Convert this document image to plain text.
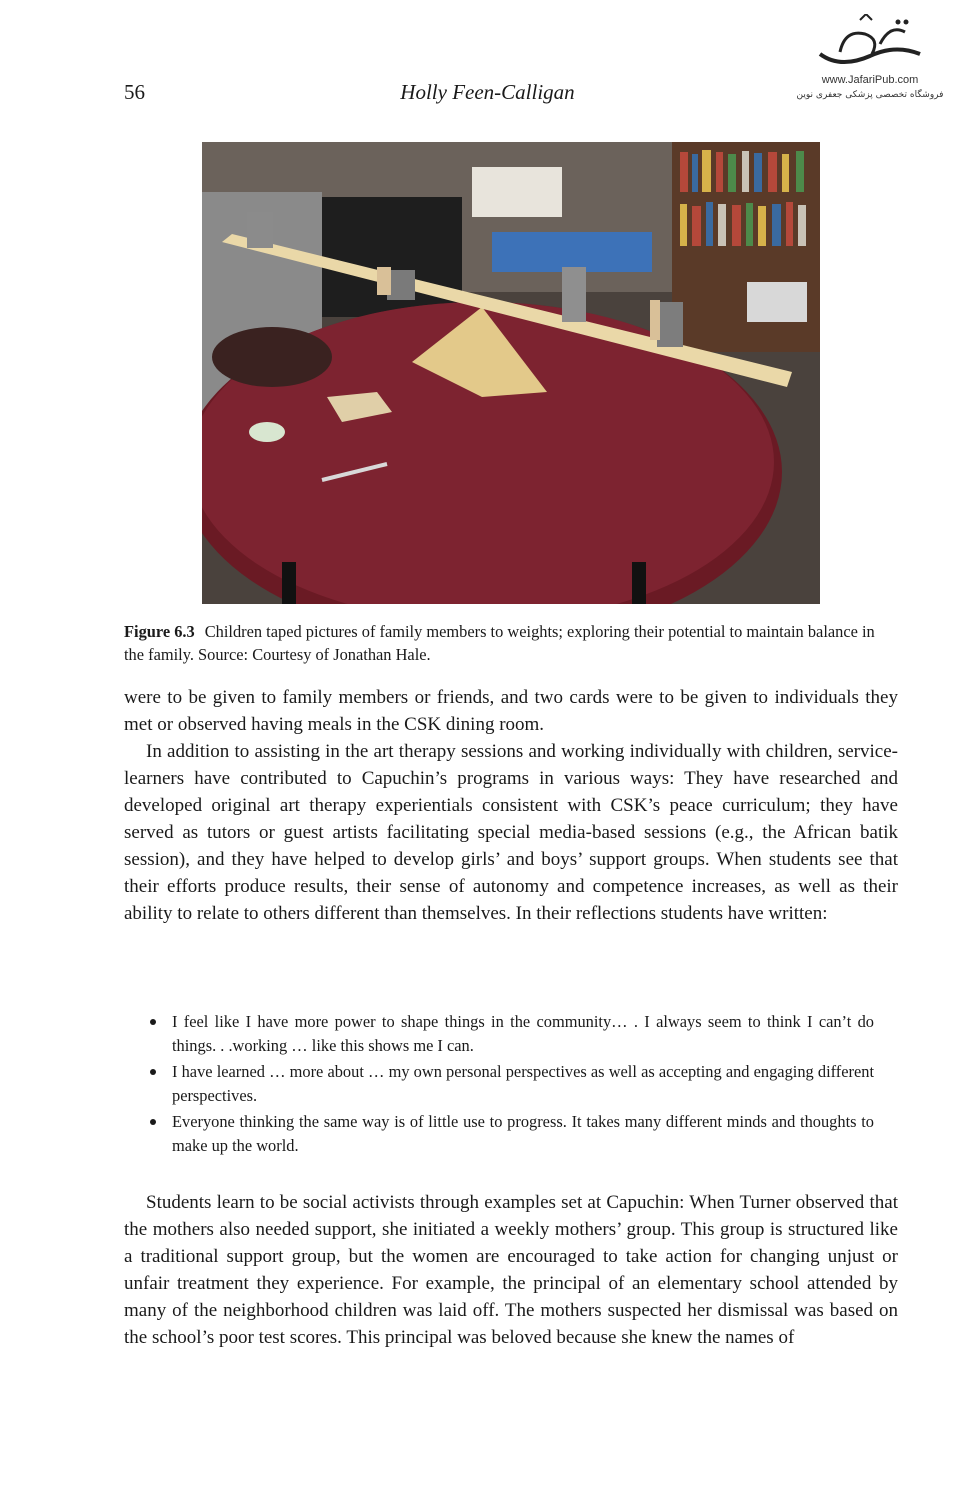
56	Holly Feen-Calligan	www.JafariPub.com
فروشگاه تخصصی پزشکی جعفری نوین
Figure 6.3 Children taped pictures of family members to weights; exploring their potential to maintain balance in the family. Source: Courtesy of Jonathan Hale.
were to be given to family members or friends, and two cards were to be given to individuals they met or observed having meals in the CSK dining room.
In addition to assisting in the art therapy sessions and working individually with children, service-learners have contributed to Capuchin’s programs in various ways: They have researched and developed original art therapy experientials consistent with CSK’s peace curriculum; they have served as tutors or guest artists facilitating special media-based sessions (e.g., the African batik session), and they have helped to develop girls’ and boys’ support groups. When students see that their efforts produce results, their sense of autonomy and competence increases, as well as their ability to relate to others different than themselves. In their reflections students have written:
I feel like I have more power to shape things in the community… . I always seem to think I can’t do things. . .working … like this shows me I can.
I have learned … more about … my own personal perspectives as well as accepting and engaging different perspectives.
Everyone thinking the same way is of little use to progress. It takes many different minds and thoughts to make up the world.
Students learn to be social activists through examples set at Capuchin: When Turner observed that the mothers also needed support, she initiated a weekly mothers’ group. This group is structured like a traditional support group, but the women are encouraged to take action for changing unjust or unfair treatment they experience. For example, the principal of an elementary school attended by many of the neighborhood children was laid off. The mothers suspected her dismissal was based on the school’s poor test scores. This principal was beloved because she knew the names of
